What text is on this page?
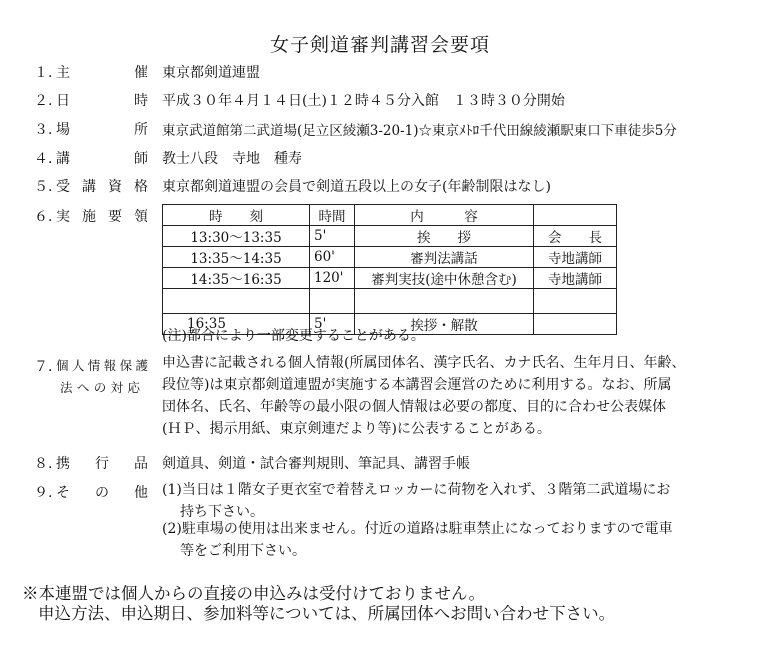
女子剣道審判講習会要項
１. 主	催 東京都剣道連盟
２. 日	時 平成３０年４月１４日(土)１２時４５分入館　１３時３０分開始
３. 場	所 東京武道館第二武道場(足立区綾瀬3-20-1)☆東京ﾒﾄﾛ千代田線綾瀬駅東口下車徒歩5分
４. 講	師 教士八段　寺地　種寿
５. 受 講 資 格 東京都剣道連盟の会員で剣道五段以上の女子(年齢制限はなし)
６. 実 施 要 領	時　　刻	時間	内　　　容	
13:30〜13:35	5'	挨　　拶	会　　長
13:35〜14:35	60'	審判法講話	寺地講師
14:35〜16:35	120'	審判実技(途中休憩含む)	寺地講師

16:35	5'	挨拶・解散	
(注)都合により一部変更することがある。
７. 個 人 情 報 保 護
法 へ の 対 応
申込書に記載される個人情報(所属団体名、漢字氏名、カナ氏名、生年月日、年齢、
段位等)は東京都剣道連盟が実施する本講習会運営のために利用する。なお、所属
団体名、氏名、年齢等の最小限の個人情報は必要の都度、目的に合わせ公表媒体
(ＨＰ、掲示用紙、東京剣連だより等)に公表することがある。
８. 携 行 品 剣道具、剣道・試合審判規則、筆記具、講習手帳
９. そ の 他 (1)当日は１階女子更衣室で着替えロッカーに荷物を入れず、３階第二武道場にお
持ち下さい。
(2)駐車場の使用は出来ません。付近の道路は駐車禁止になっておりますので電車
等をご利用下さい。
※本連盟では個人からの直接の申込みは受付けておりません。
申込方法、申込期日、参加料等については、所属団体へお問い合わせ下さい。
